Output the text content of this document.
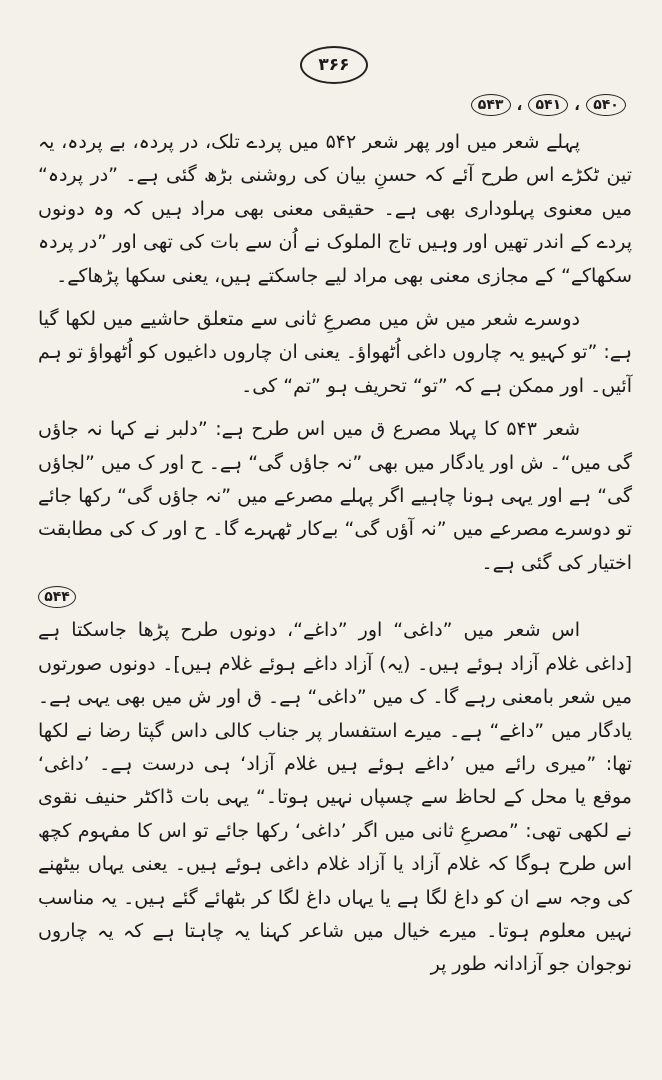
۳۶۶
۵۴۰
،
۵۴۱
،
۵۴۳

پہلے شعر میں اور پھر شعر ۵۴۲ میں پردے تلک، در پردہ، بے پردہ، یہ تین ٹکڑے اس طرح آئے کہ حسنِ بیان کی روشنی بڑھ گئی ہے۔ ”در پردہ“ میں معنوی پہلوداری بھی ہے۔ حقیقی معنی بھی مراد ہیں کہ وہ دونوں پردے کے اندر تھیں اور وہیں تاج الملوک نے اُن سے بات کی تھی اور ”در پردہ سکھاکے“ کے مجازی معنی بھی مراد لیے جاسکتے ہیں، یعنی سکھا پڑھاکے۔

دوسرے شعر میں ش میں مصرعِ ثانی سے متعلق حاشیے میں لکھا گیا ہے: ”تو کہیو یہ چاروں داغی اُٹھواؤ۔ یعنی ان چاروں داغیوں کو اُٹھواؤ تو ہم آئیں۔ اور ممکن ہے کہ ”تو“ تحریف ہو ”تم“ کی۔

شعر ۵۴۳ کا پہلا مصرع ق میں اس طرح ہے: ”دلبر نے کہا نہ جاؤں گی میں“۔ ش اور یادگار میں بھی ”نہ جاؤں گی“ ہے۔ ح اور ک میں ”لجاؤں گی“ ہے اور یہی ہونا چاہیے اگر پہلے مصرعے میں ”نہ جاؤں گی“ رکھا جائے تو دوسرے مصرعے میں ”نہ آؤں گی“ بےکار ٹھہرے گا۔ ح اور ک کی مطابقت اختیار کی گئی ہے۔

۵۴۴

اس شعر میں ”داغی“ اور ”داغے“، دونوں طرح پڑھا جاسکتا ہے [داغی غلام آزاد ہوئے ہیں۔ (یہ) آزاد داغے ہوئے غلام ہیں]۔ دونوں صورتوں میں شعر بامعنی رہے گا۔ ک میں ”داغی“ ہے۔ ق اور ش میں بھی یہی ہے۔ یادگار میں ”داغے“ ہے۔ میرے استفسار پر جناب کالی داس گپتا رضا نے لکھا تھا: ”میری رائے میں ’داغے ہوئے ہیں غلام آزاد‘ ہی درست ہے۔ ’داغی‘ موقع یا محل کے لحاظ سے چسپاں نہیں ہوتا۔“ یہی بات ڈاکٹر حنیف نقوی نے لکھی تھی: ”مصرعِ ثانی میں اگر ’داغی‘ رکھا جائے تو اس کا مفہوم کچھ اس طرح ہوگا کہ غلام آزاد یا آزاد غلام داغی ہوئے ہیں۔ یعنی یہاں بیٹھنے کی وجہ سے ان کو داغ لگا ہے یا یہاں داغ لگا کر بٹھائے گئے ہیں۔ یہ مناسب نہیں معلوم ہوتا۔ میرے خیال میں شاعر کہنا یہ چاہتا ہے کہ یہ چاروں نوجوان جو آزادانہ طور پر
